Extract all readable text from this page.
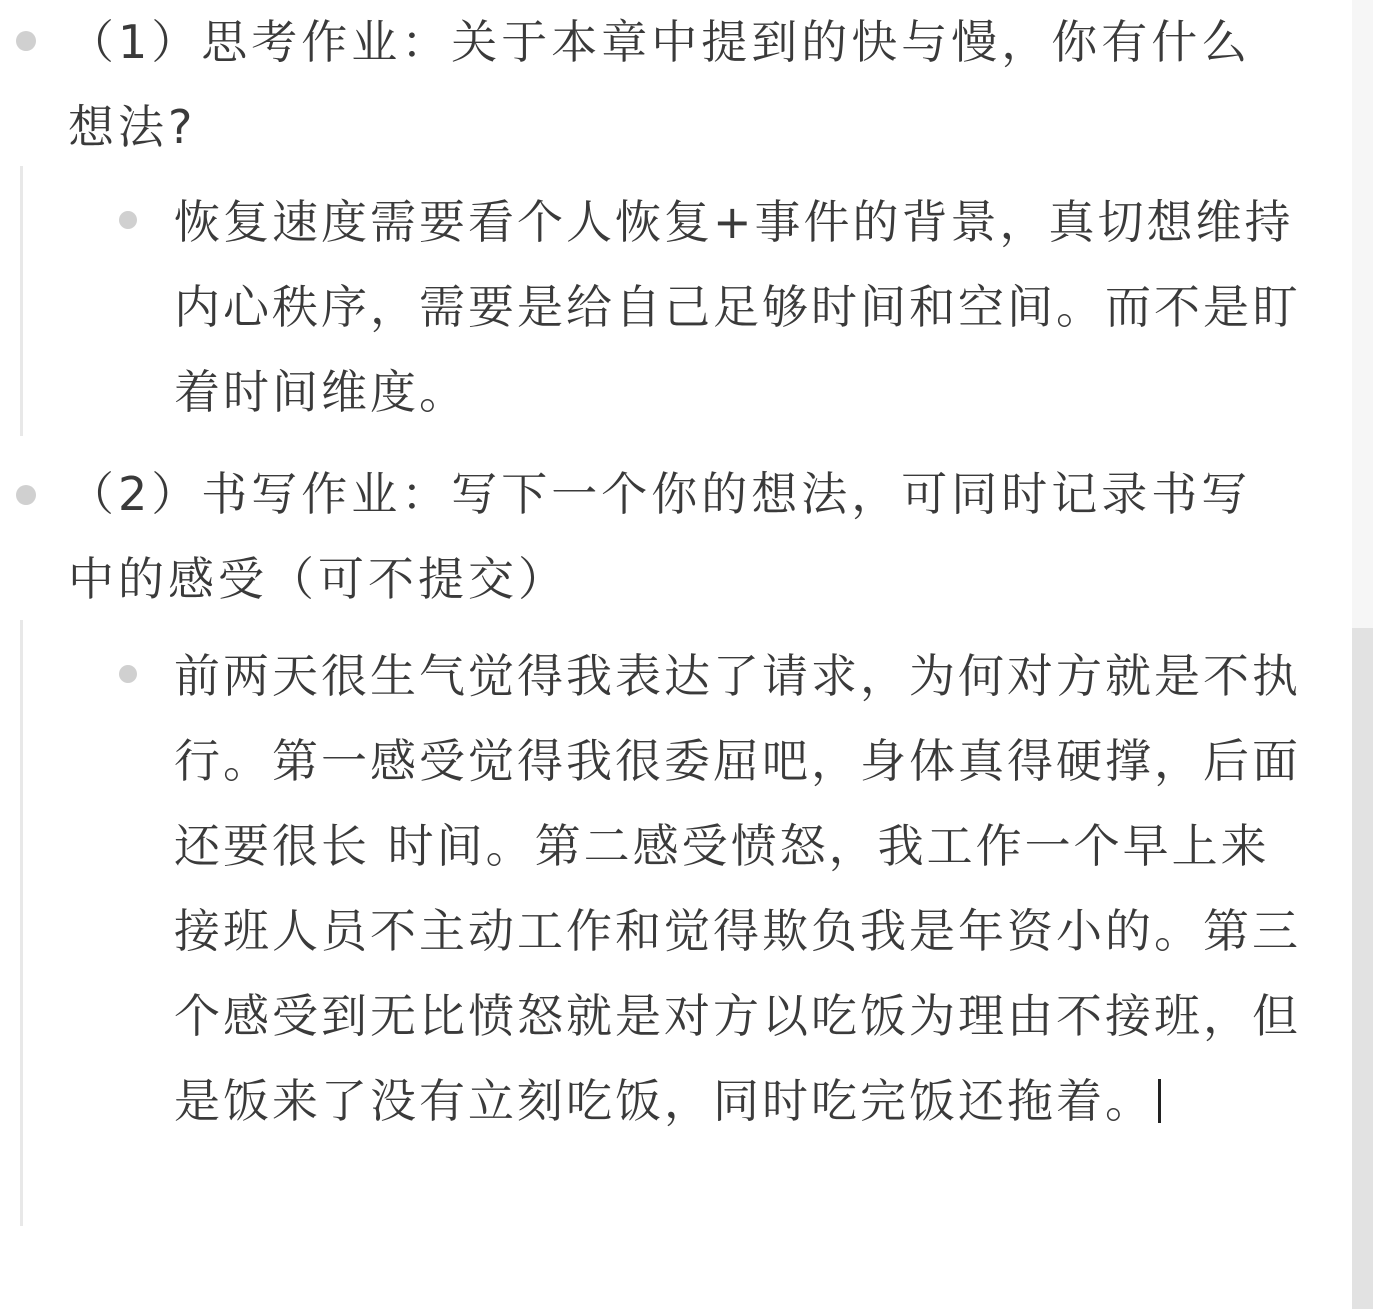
（1）思考作业：关于本章中提到的快与慢，你有什么想法?
恢复速度需要看个人恢复+事件的背景，真切想维持内心秩序，需要是给自己足够时间和空间。而不是盯着时间维度。
（2）书写作业：写下一个你的想法，可同时记录书写中的感受（可不提交）
前两天很生气觉得我表达了请求，为何对方就是不执行。第一感受觉得我很委屈吧，身体真得硬撑，后面还要很长 时间。第二感受愤怒，我工作一个早上来接班人员不主动工作和觉得欺负我是年资小的。第三个感受到无比愤怒就是对方以吃饭为理由不接班，但是饭来了没有立刻吃饭，同时吃完饭还拖着。
